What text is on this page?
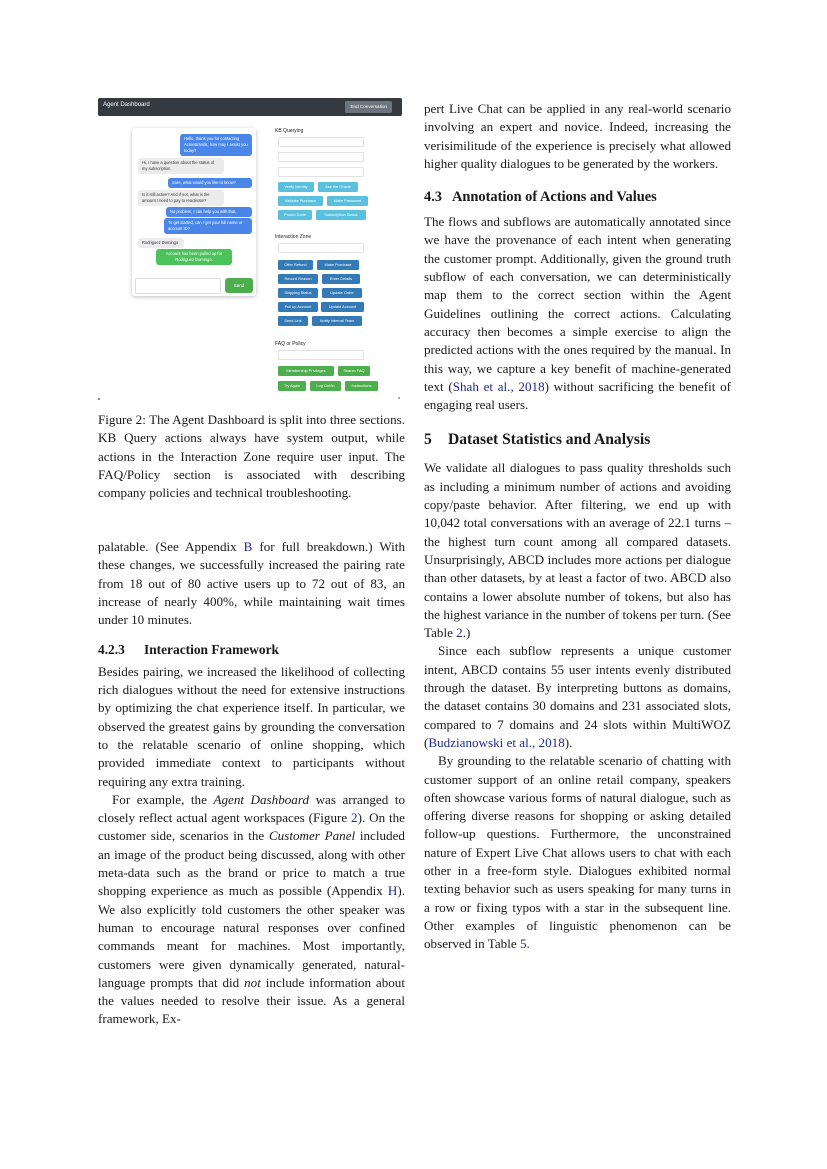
Agent Dashboard	End Conversation
Hello, thank you for contacting AcmeBrands, how may I assist you today?
Hi, I have a question about the status of my subscription.
Sure, what would you like to know?
Is it still active? And if not, what is the amount I need to pay to reactivate?
No problem, I can help you with that.
To get started, can I get your full name or account ID?
Rodriguez Domingo
Account has been pulled up for Rodriguez Domingo.
Send
KB Querying
Verify Identity	Ask the Oracle
Validate Purchase	Make Password
Promo Code	Subscription Status
Interaction Zone
Offer Refund	Make Purchase
Record Reason	Enter Details
Shipping Status	Update Order
Pull up Account	Update Account
Send Link	Notify Internal Team
FAQ or Policy
Membership Privileges	Search FAQ
Try Again	Log Out/In	Instructions
Figure 2: The Agent Dashboard is split into three sections. KB Query actions always have system output, while actions in the Interaction Zone require user input. The FAQ/Policy section is associated with describing company policies and technical troubleshooting.

palatable. (See Appendix B for full breakdown.) With these changes, we successfully increased the pairing rate from 18 out of 80 active users up to 72 out of 83, an increase of nearly 400%, while maintaining wait times under 10 minutes.

4.2.3 Interaction Framework

Besides pairing, we increased the likelihood of collecting rich dialogues without the need for extensive instructions by optimizing the chat experience itself. In particular, we observed the greatest gains by grounding the conversation to the relatable scenario of online shopping, which provided immediate context to participants without requiring any extra training.

For example, the Agent Dashboard was arranged to closely reflect actual agent workspaces (Figure 2). On the customer side, scenarios in the Customer Panel included an image of the product being discussed, along with other meta-data such as the brand or price to match a true shopping experience as much as possible (Appendix H). We also explicitly told customers the other speaker was human to encourage natural responses over confined commands meant for machines. Most importantly, customers were given dynamically generated, natural-language prompts that did not include information about the values needed to resolve their issue. As a general framework, Ex-

pert Live Chat can be applied in any real-world scenario involving an expert and novice. Indeed, increasing the verisimilitude of the experience is precisely what allowed higher quality dialogues to be generated by the workers.

4.3 Annotation of Actions and Values

The flows and subflows are automatically annotated since we have the provenance of each intent when generating the customer prompt. Additionally, given the ground truth subflow of each conversation, we can deterministically map them to the correct section within the Agent Guidelines outlining the correct actions. Calculating accuracy then becomes a simple exercise to align the predicted actions with the ones required by the manual. In this way, we capture a key benefit of machine-generated text (Shah et al., 2018) without sacrificing the benefit of engaging real users.

5 Dataset Statistics and Analysis

We validate all dialogues to pass quality thresholds such as including a minimum number of actions and avoiding copy/paste behavior. After filtering, we end up with 10,042 total conversations with an average of 22.1 turns – the highest turn count among all compared datasets. Unsurprisingly, ABCD includes more actions per dialogue than other datasets, by at least a factor of two. ABCD also contains a lower absolute number of tokens, but also has the highest variance in the number of tokens per turn. (See Table 2.)

Since each subflow represents a unique customer intent, ABCD contains 55 user intents evenly distributed through the dataset. By interpreting buttons as domains, the dataset contains 30 domains and 231 associated slots, compared to 7 domains and 24 slots within MultiWOZ (Budzianowski et al., 2018).

By grounding to the relatable scenario of chatting with customer support of an online retail company, speakers often showcase various forms of natural dialogue, such as offering diverse reasons for shopping or asking detailed follow-up questions. Furthermore, the unconstrained nature of Expert Live Chat allows users to chat with each other in a free-form style. Dialogues exhibited normal texting behavior such as users speaking for many turns in a row or fixing typos with a star in the subsequent line. Other examples of linguistic phenomenon can be observed in Table 5.
